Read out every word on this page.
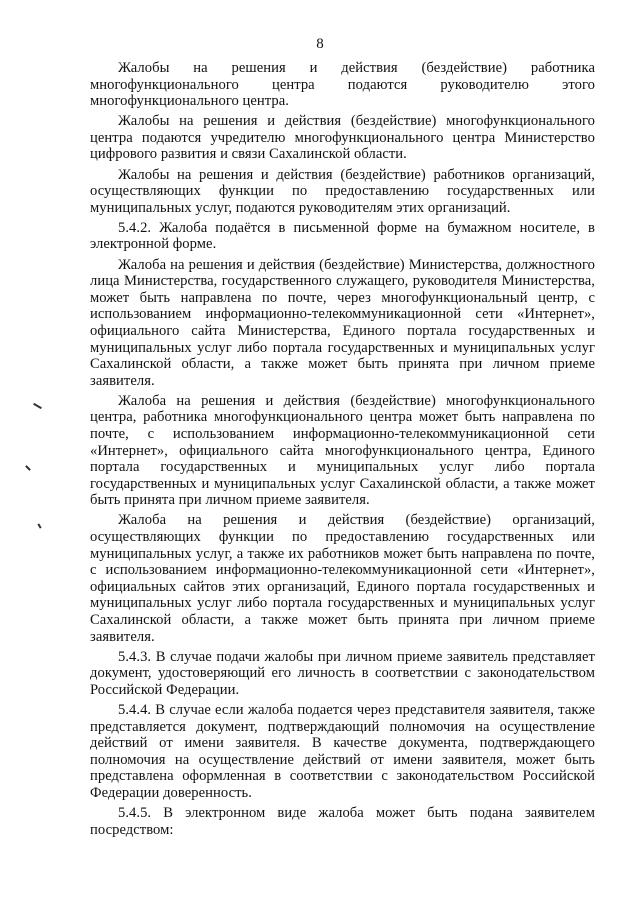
8

Жалобы на решения и действия (бездействие) работника многофункционального центра подаются руководителю этого многофункционального центра.

Жалобы на решения и действия (бездействие) многофункционального центра подаются учредителю многофункционального центра Министерство цифрового развития и связи Сахалинской области.

Жалобы на решения и действия (бездействие) работников организаций, осуществляющих функции по предоставлению государственных или муниципальных услуг, подаются руководителям этих организаций.

5.4.2. Жалоба подаётся в письменной форме на бумажном носителе, в электронной форме.

Жалоба на решения и действия (бездействие) Министерства, должностного лица Министерства, государственного служащего, руководителя Министерства, может быть направлена по почте, через многофункциональный центр, с использованием информационно-телекоммуникационной сети «Интернет», официального сайта Министерства, Единого портала государственных и муниципальных услуг либо портала государственных и муниципальных услуг Сахалинской области, а также может быть принята при личном приеме заявителя.

Жалоба на решения и действия (бездействие) многофункционального центра, работника многофункционального центра может быть направлена по почте, с использованием информационно-телекоммуникационной сети «Интернет», официального сайта многофункционального центра, Единого портала государственных и муниципальных услуг либо портала государственных и муниципальных услуг Сахалинской области, а также может быть принята при личном приеме заявителя.

Жалоба на решения и действия (бездействие) организаций, осуществляющих функции по предоставлению государственных или муниципальных услуг, а также их работников может быть направлена по почте, с использованием информационно-телекоммуникационной сети «Интернет», официальных сайтов этих организаций, Единого портала государственных и муниципальных услуг либо портала государственных и муниципальных услуг Сахалинской области, а также может быть принята при личном приеме заявителя.

5.4.3. В случае подачи жалобы при личном приеме заявитель представляет документ, удостоверяющий его личность в соответствии с законодательством Российской Федерации.

5.4.4. В случае если жалоба подается через представителя заявителя, также представляется документ, подтверждающий полномочия на осуществление действий от имени заявителя. В качестве документа, подтверждающего полномочия на осуществление действий от имени заявителя, может быть представлена оформленная в соответствии с законодательством Российской Федерации доверенность.

5.4.5. В электронном виде жалоба может быть подана заявителем посредством:
